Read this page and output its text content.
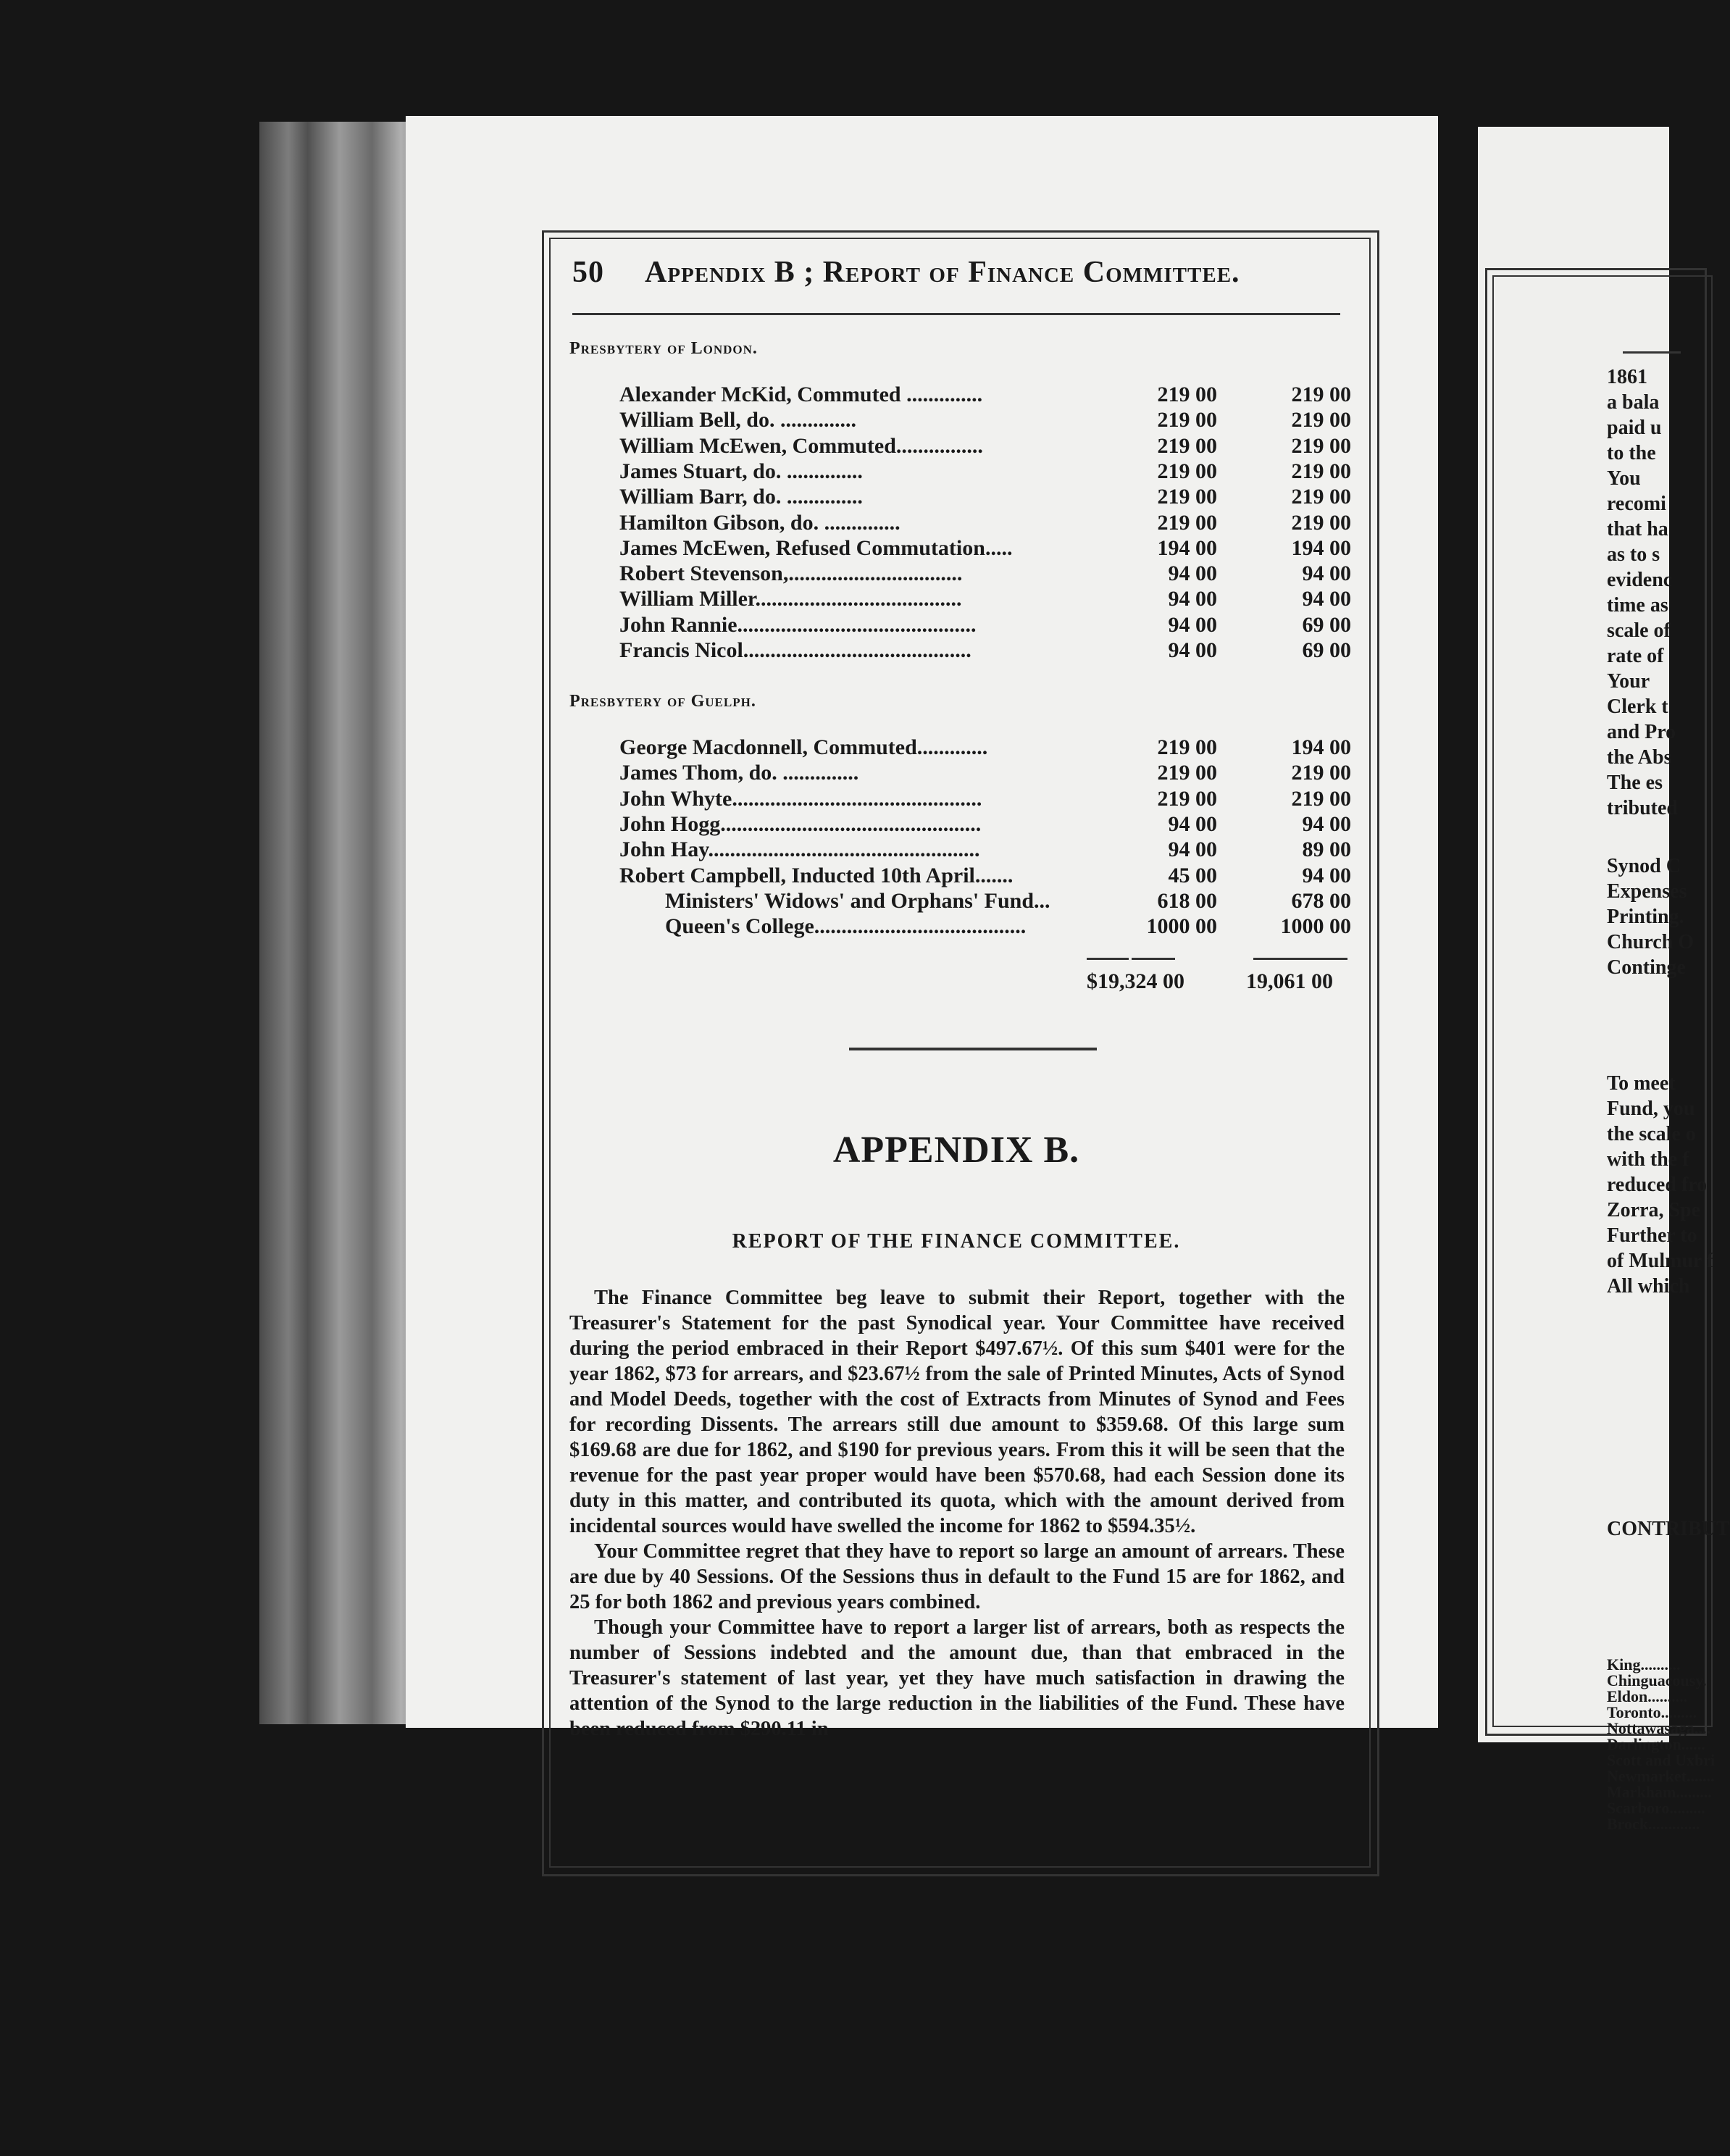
1861
a bala
paid u
to the
You
recomi
that ha
as to s
evidenc
time as
scale of
rate of
Your
Clerk t
and Pro
the Abs
The es
tributed
Synod C
Expenses
Printing.
Church O
Continge
To meet
Fund, you
the scale o
with the f
reduced fro
Zorra, Spe
Further to
of Mulmur f
All which
CONTRIBUT
King..........
Chinguacousy.
Eldon..........
Toronto.........
Nottawasaga....
Darlington......
Scott and Uxbri
Newmarket.......
Markham.........
Scarboro.........
Brock.............
50 Appendix B ; Report of Finance Committee.
Presbytery of London.
Alexander McKid, Commuted ..............	219 00	219 00
William Bell, do. ..............	219 00	219 00
William McEwen, Commuted................	219 00	219 00
James Stuart, do. ..............	219 00	219 00
William Barr, do. ..............	219 00	219 00
Hamilton Gibson, do. ..............	219 00	219 00
James McEwen, Refused Commutation.....	194 00	194 00
Robert Stevenson,................................	94 00	94 00
William Miller......................................	94 00	94 00
John Rannie............................................	94 00	69 00
Francis Nicol..........................................	94 00	69 00
Presbytery of Guelph.
George Macdonnell, Commuted.............	219 00	194 00
James Thom, do. ..............	219 00	219 00
John Whyte..............................................	219 00	219 00
John Hogg................................................	94 00	94 00
John Hay..................................................	94 00	89 00
Robert Campbell, Inducted 10th April.......	45 00	94 00
Ministers' Widows' and Orphans' Fund...	618 00	678 00
Queen's College.......................................	1000 00	1000 00
$19,324 00	19,061 00
APPENDIX B.
REPORT OF THE FINANCE COMMITTEE.

The Finance Committee beg leave to submit their Report, together with the Treasurer's Statement for the past Synodical year. Your Committee have received during the period embraced in their Report $497.67½. Of this sum $401 were for the year 1862, $73 for arrears, and $23.67½ from the sale of Printed Minutes, Acts of Synod and Model Deeds, together with the cost of Extracts from Minutes of Synod and Fees for recording Dissents. The arrears still due amount to $359.68. Of this large sum $169.68 are due for 1862, and $190 for previous years. From this it will be seen that the revenue for the past year proper would have been $570.68, had each Session done its duty in this matter, and contributed its quota, which with the amount derived from incidental sources would have swelled the income for 1862 to $594.35½.

Your Committee regret that they have to report so large an amount of arrears. These are due by 40 Sessions. Of the Sessions thus in default to the Fund 15 are for 1862, and 25 for both 1862 and previous years combined.

Though your Committee have to report a larger list of arrears, both as respects the number of Sessions indebted and the amount due, than that embraced in the Treasurer's statement of last year, yet they have much satisfaction in drawing the attention of the Synod to the large reduction in the liabilities of the Fund. These have been reduced from $290.11 in
